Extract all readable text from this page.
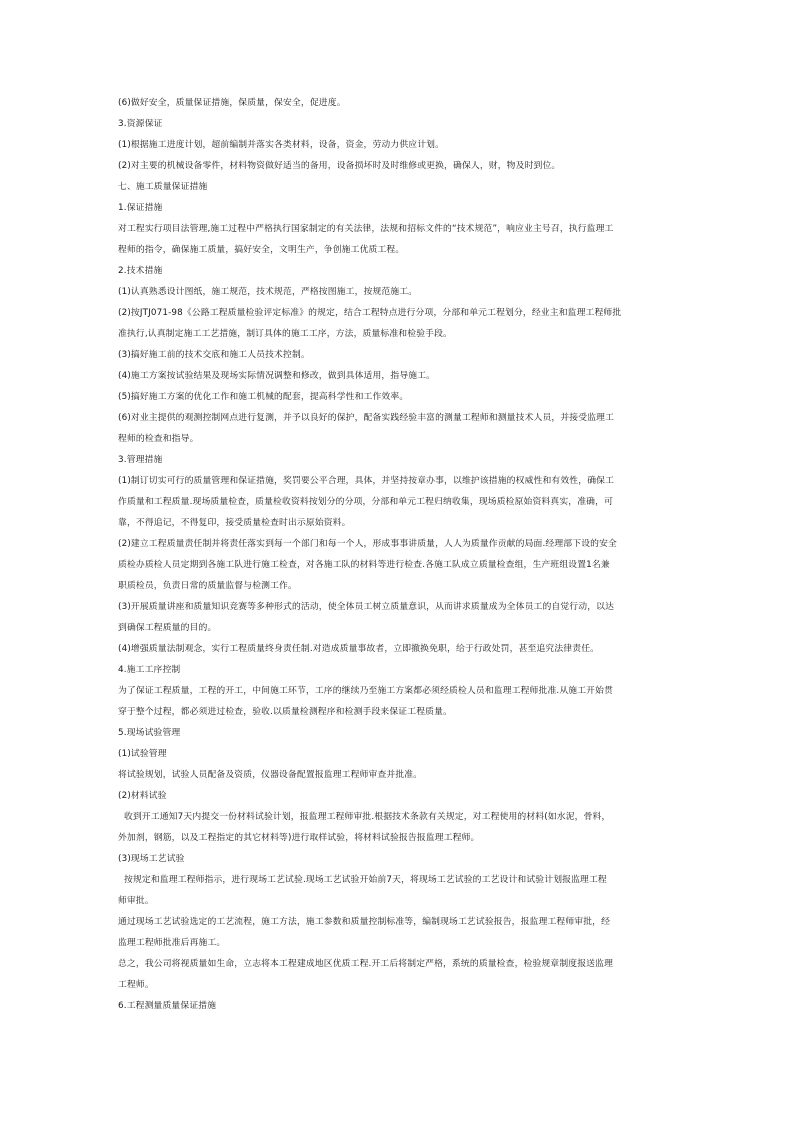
(6)做好安全，质量保证措施，保质量，保安全，促进度。
3.资源保证
(1)根据施工进度计划，超前编制并落实各类材料，设备，资金，劳动力供应计划。
(2)对主要的机械设备零件，材料物资做好适当的备用，设备损坏时及时维修或更换，确保人，财，物及时到位。
七、施工质量保证措施
1.保证措施
对工程实行项目法管理,施工过程中严格执行国家制定的有关法律，法规和招标文件的“技术规范”，响应业主号召，执行监理工
程师的指令，确保施工质量，搞好安全，文明生产，争创施工优质工程。
2.技术措施
(1)认真熟悉设计图纸，施工规范，技术规范，严格按图施工，按规范施工。
(2)按JTJ071-98《公路工程质量检验评定标准》的规定，结合工程特点进行分项，分部和单元工程划分，经业主和监理工程师批
准执行,认真制定施工工艺措施，制订具体的施工工序，方法，质量标准和检验手段。
(3)搞好施工前的技术交底和施工人员技术控制。
(4)施工方案按试验结果及现场实际情况调整和修改，做到具体适用，指导施工。
(5)搞好施工方案的优化工作和施工机械的配套，提高科学性和工作效率。
(6)对业主提供的观测控制网点进行复测，并予以良好的保护，配备实践经验丰富的测量工程师和测量技术人员，并接受监理工
程师的检查和指导。
3.管理措施
(1)制订切实可行的质量管理和保证措施，奖罚要公平合理，具体，并坚持按章办事，以维护该措施的权威性和有效性，确保工
作质量和工程质量.现场质量检查，质量检收资料按划分的分项，分部和单元工程归纳收集，现场质检原始资料真实，准确，可
靠，不得追记，不得复印，接受质量检查时出示原始资料。
(2)建立工程质量责任制并将责任落实到每一个部门和每一个人，形成事事讲质量，人人为质量作贡献的局面.经理部下设的安全
质检办质检人员定期到各施工队进行施工检查，对各施工队的材料等进行检查.各施工队成立质量检查组，生产班组设置1名兼
职质检员，负责日常的质量监督与检测工作。
(3)开展质量讲座和质量知识竞赛等多种形式的活动，使全体员工树立质量意识，从而讲求质量成为全体员工的自觉行动，以达
到确保工程质量的目的。
(4)增强质量法制观念，实行工程质量终身责任制.对造成质量事故者，立即撤换免职，给于行政处罚，甚至追究法律责任。
4.施工工序控制
为了保证工程质量，工程的开工，中间施工环节，工序的继续乃至施工方案都必须经质检人员和监理工程师批准.从施工开始贯
穿于整个过程，都必须进过检查，验收.以质量检测程序和检测手段来保证工程质量。
5.现场试验管理
(1)试验管理
将试验规划，试验人员配备及资质，仪器设备配置报监理工程师审查并批准。
(2)材料试验
收到开工通知7天内提交一份材料试验计划，报监理工程师审批.根据技术条款有关规定，对工程使用的材料(如水泥，骨料，
外加剂，钢筋，以及工程指定的其它材料等)进行取样试验，将材料试验报告报监理工程师。
(3)现场工艺试验
按规定和监理工程师指示，进行现场工艺试验.现场工艺试验开始前7天，将现场工艺试验的工艺设计和试验计划报监理工程
师审批。
通过现场工艺试验选定的工艺流程，施工方法，施工参数和质量控制标准等，编制现场工艺试验报告，报监理工程师审批，经
监理工程师批准后再施工。
总之，我公司将视质量如生命，立志将本工程建成地区优质工程.开工后将制定严格，系统的质量检查，检验规章制度报送监理
工程师。
6.工程测量质量保证措施
